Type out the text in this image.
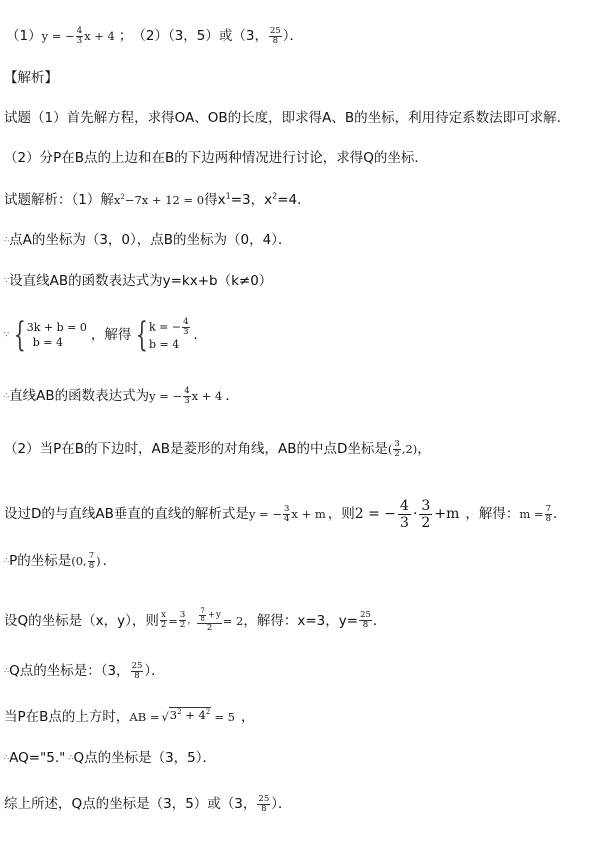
（1） y = − $\frac{4}{3}$ x + 4 ； （2）（3，5）或（3， $\frac{25}{8}$ ）．
【解析】
试题（1）首先解方程，求得OA、OB的长度，即求得A、B的坐标，利用待定系数法即可求解．
（2）分P在B点的上边和在B的下边两种情况进行讨论，求得Q的坐标．
试题解析：（1）解 $x^2-7x + 12 = 0$ 得$x^1=3$，$x^2=4$．
∴ 点A的坐标为（3，0），点B的坐标为（0，4）．
∵ 设直线AB的函数表达式为y=kx+b（k≠0）
∵ { 3k + b = 0
b = 4	，解得 { k = − $\frac{4}{3}$
b = 4
．
∴ 直线AB的函数表达式为 y = − $\frac{4}{3}$ x + 4 ．
（2）当P在B的下边时，AB是菱形的对角线，AB的中点D坐标是 ( $\frac{3}{2} ,2$) ，
设过D的与直线AB垂直的直线的解析式是 y = − $\frac{3}{4}$ x + m ，则 2 = − $\frac{4}{3} \cdot \frac{3}{2} +m$ ，解得： $m = \frac{7}{8}$ ．
∴ P的坐标是 (0, $\frac{7}{8}$ ) ．
设Q的坐标是（x，y），则 $\frac{x}{2} = \frac{3}{2}$ ， $\frac{\frac{7}{8} + y}{2} = 2$ ，解得：x=3，$y= \frac{25}{8}$ ．
∴ Q点的坐标是：（3， $\frac{25}{8}$ ）．
当P在B点的上方时， AB = √ $3^2 + 4^2 = 5$ ，
∴ AQ="5." ∴ Q点的坐标是（3，5）．
综上所述，Q点的坐标是（3，5）或（3， $\frac{25}{8}$ ）．
